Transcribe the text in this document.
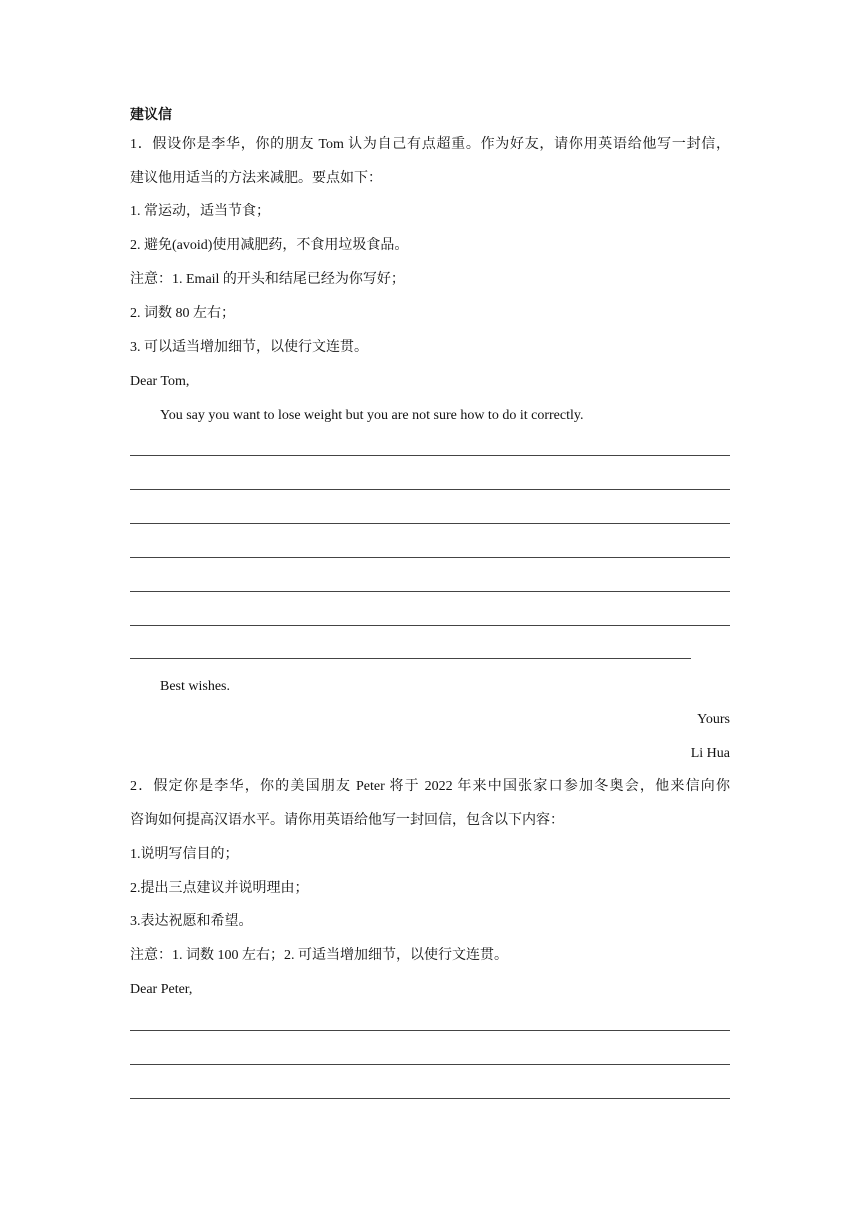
建议信
1．假设你是李华，你的朋友 Tom 认为自己有点超重。作为好友，请你用英语给他写一封信，
建议他用适当的方法来减肥。要点如下：
1. 常运动，适当节食；
2. 避免(avoid)使用减肥药，不食用垃圾食品。
注意：1. Email 的开头和结尾已经为你写好；
2. 词数 80 左右；
3. 可以适当增加细节，以使行文连贯。
Dear Tom,
You say you want to lose weight but you are not sure how to do it correctly.
Best wishes.
Yours
Li Hua
2．假定你是李华，你的美国朋友 Peter 将于 2022 年来中国张家口参加冬奥会，他来信向你
咨询如何提高汉语水平。请你用英语给他写一封回信，包含以下内容：
1.说明写信目的；
2.提出三点建议并说明理由；
3.表达祝愿和希望。
注意：1. 词数 100 左右；2. 可适当增加细节，以使行文连贯。
Dear Peter,
